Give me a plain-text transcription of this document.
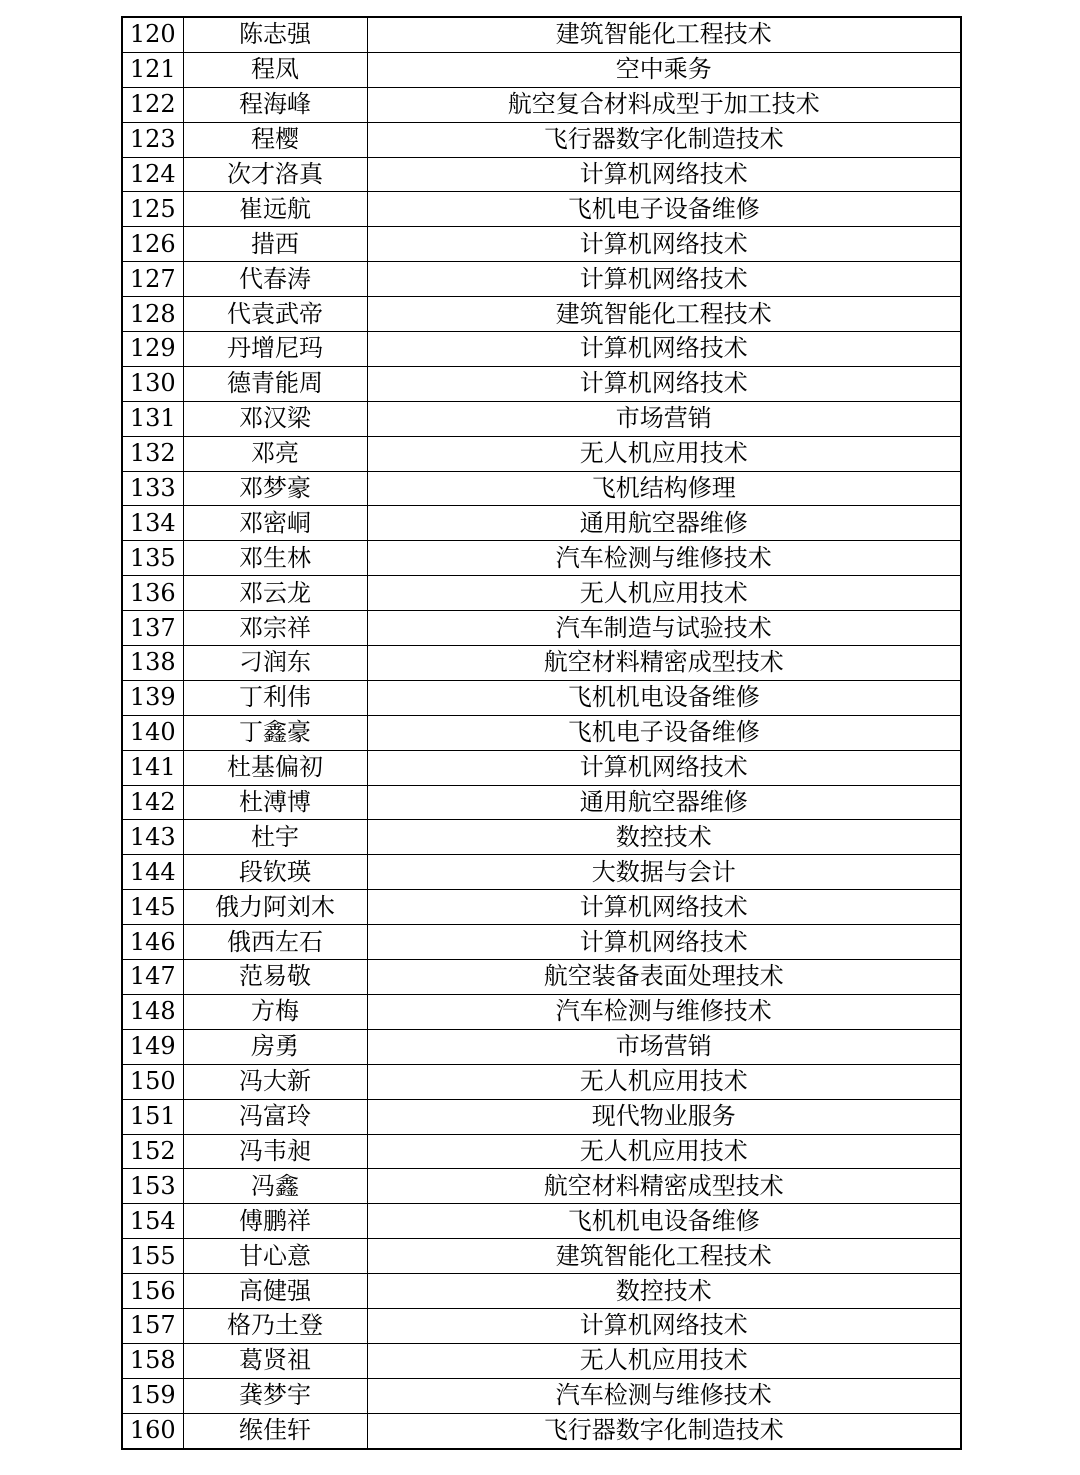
120	陈志强	建筑智能化工程技术
121	程凤	空中乘务
122	程海峰	航空复合材料成型于加工技术
123	程樱	飞行器数字化制造技术
124	次才洛真	计算机网络技术
125	崔远航	飞机电子设备维修
126	措西	计算机网络技术
127	代春涛	计算机网络技术
128	代袁武帝	建筑智能化工程技术
129	丹增尼玛	计算机网络技术
130	德青能周	计算机网络技术
131	邓汉梁	市场营销
132	邓亮	无人机应用技术
133	邓梦豪	飞机结构修理
134	邓密峒	通用航空器维修
135	邓生林	汽车检测与维修技术
136	邓云龙	无人机应用技术
137	邓宗祥	汽车制造与试验技术
138	刁润东	航空材料精密成型技术
139	丁利伟	飞机机电设备维修
140	丁鑫豪	飞机电子设备维修
141	杜基偏初	计算机网络技术
142	杜溥博	通用航空器维修
143	杜宇	数控技术
144	段钦瑛	大数据与会计
145	俄力阿刘木	计算机网络技术
146	俄西左石	计算机网络技术
147	范易敬	航空装备表面处理技术
148	方梅	汽车检测与维修技术
149	房勇	市场营销
150	冯大新	无人机应用技术
151	冯富玲	现代物业服务
152	冯韦昶	无人机应用技术
153	冯鑫	航空材料精密成型技术
154	傅鹏祥	飞机机电设备维修
155	甘心意	建筑智能化工程技术
156	高健强	数控技术
157	格乃土登	计算机网络技术
158	葛贤祖	无人机应用技术
159	龚梦宇	汽车检测与维修技术
160	缑佳轩	飞行器数字化制造技术
